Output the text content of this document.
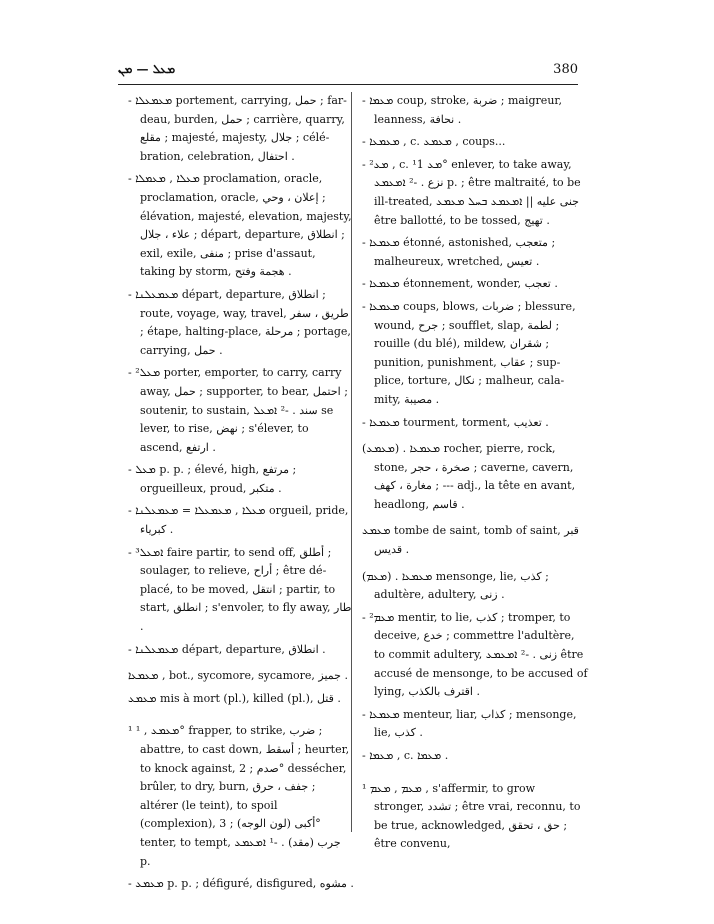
ܡܥܠ — ܡܢ	380

- ܡܥܡܥܠܐ portement, carrying, حمل ; far-deau, burden, حمل ; carrière, quarry, مقلع ; majesté, majesty, جلال ; célé-bration, celebration, احتفال .

- ܡܥܠܐ , ܡܥܡܠܐ proclamation, oracle, proclamation, oracle, إعلان ، وحي ; élévation, majesté, elevation, majesty, علاء ، جلال ; départ, departure, انطلاق ; exil, exile, منفى ; prise d'assaut, taking by storm, هجمة وفتح .

- ܡܥܡܥܠܢܐ départ, departure, انطلاق ; route, voyage, way, travel, طريق ، سفر ; étape, halting-place, مرحلة ; portage, carrying, حمل .

- ²ܡܥܠ porter, emporter, to carry, carry away, حمل ; supporter, to bear, احتمل ; soutenir, to sustain, سند . -² ܐܡܥܠ se lever, to rise, نهض ; s'élever, to ascend, ارتفع .

- ܡܥܠ p. p. ; élevé, high, مرتفع ; orgueilleux, proud, متكبر .

- ܡܥܠܐ , ܡܥܡܥܠܐ = ܡܥܡܥܠܢܐ orgueil, pride, كبرياء .

- ³ܐܡܥܠ faire partir, to send off, أطلق ; soulager, to relieve, أراح ; être dé-placé, to be moved, انتقل ; partir, to start, انطلق ; s'envoler, to fly away, طار .

- ܡܥܡܥܠܢܐ départ, departure, انطلاق .

ܡܥܡܥܐ , bot., sycomore, sycamore, جميز .

ܡܥܡܥ mis à mort (pl.), killed (pl.), قتل .

¹ ܡܥܡܥ , ¹° frapper, to strike, ضرب ; abattre, to cast down, أسقط ; heurter, to knock against, صدم ; 2° dessécher, brûler, to dry, burn, جفف ، حرق ; altérer (le teint), to spoil (complexion), أكبى (لون الوجه) ; 3° tenter, to tempt, جرب (مقد) . -¹ ܐܡܥܡܥ p.

- ܡܥܡܥ p. p. ; défiguré, disfigured, مشوه .

- ܡܥܡܐ coup, stroke, ضربة ; maigreur, leanness, نحافة .

- ܡܥܡܥܐ , c. ܡܥܡܥ , coups...

- ²ܡܥ , c. ¹ܡܥ 1° enlever, to take away, نزع . -² ܐܡܥܡܥ p. ; être maltraité, to be ill-treated, جنى عليه || ܐܡܥܡܥ ܒܚܠ ܡܥܡܥ être ballotté, to be tossed, تهيج .

- ܡܥܡܥܐ étonné, astonished, متعجب ; malheureux, wretched, تعيس .

- ܡܥܡܥܐ étonnement, wonder, تعجب .

- ܡܥܡܥܐ coups, blows, ضربات ; blessure, wound, جرح ; soufflet, slap, لطمة ; rouille (du blé), mildew, شقران ; punition, punishment, عقاب ; sup-plice, torture, نكال ; malheur, cala-mity, مصيبة .

- ܡܥܡܥܐ tourment, torment, تعذيب .

(ܡܥܡܥ) . ܡܥܡܥܐ rocher, pierre, rock, stone, صخرة ، حجر ; caverne, cavern, مغارة ، كهف ; --- adj., la tête en avant, headlong, قاسم .

ܡܥܡܥ tombe de saint, tomb of saint, قبر قديس .

(ܡܥܡ) . ܡܥܡܥܐ mensonge, lie, كذب ; adultère, adultery, زنى .

- ²ܡܥܡ mentir, to lie, كذب ; tromper, to deceive, خدع ; commettre l'adultère, to commit adultery, زنى . -² ܐܡܥܡܥ être accusé de mensonge, to be accused of lying, اقترف بالكذب .

- ܡܥܡܥܐ menteur, liar, كذاب ; mensonge, lie, كذب .

- ܡܥܡܐ , c. ܡܥܡܐ .

¹ ܡܥܡ , ܡܥܡ , s'affermir, to grow stronger, تشدد ; être vrai, reconnu, to be true, acknowledged, حق ، تحقق ; être convenu,
